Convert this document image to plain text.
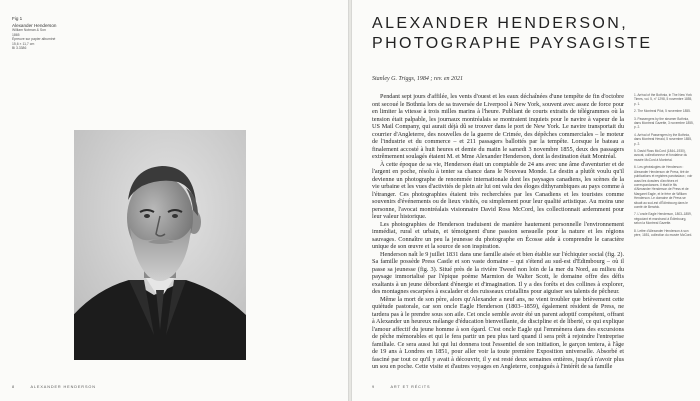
Fig 1
Alexander Henderson
William Notman & Son
1865
Épreuve sur papier albuminé
15,6 × 11,7 cm
Bi 3.3386
8	ALEXANDER HENDERSON
ALEXANDER HENDERSON,
PHOTOGRAPHE PAYSAGISTE
Stanley G. Triggs, 1984 ; rev. en 2021

Pendant sept jours d'affilée, les vents d'ouest et les eaux déchaînées d'une tempête de fin d'octobre ont secoué le Bothnia lors de sa traversée de Liverpool à New York, souvent avec assez de force pour en limiter la vitesse à trois milles marins à l'heure. Publiant de courts extraits de télégrammes où la tension était palpable, les journaux montréalais se montraient inquiets pour le navire à vapeur de la US Mail Company, qui aurait déjà dû se trouver dans le port de New York. Le navire transportait du courrier d'Angleterre, des nouvelles de la guerre de Crimée, des dépêches commerciales – le moteur de l'industrie et du commerce – et 211 passagers ballottés par la tempête. Lorsque le bateau a finalement accosté à huit heures et demie du matin le samedi 3 novembre 1855, deux des passagers extrêmement soulagés étaient M. et Mme Alexander Henderson, dont la destination était Montréal.

À cette époque de sa vie, Henderson était un comptable de 24 ans avec une âme d'aventurier et de l'argent en poche, résolu à tenter sa chance dans le Nouveau Monde. Le destin a plutôt voulu qu'il devienne un photographe de renommée internationale dont les paysages canadiens, les scènes de la vie urbaine et les vues d'activités de plein air lui ont valu des éloges dithyrambiques au pays comme à l'étranger. Ces photographies étaient très recherchées par les Canadiens et les touristes comme souvenirs d'événements ou de lieux visités, ou simplement pour leur qualité artistique. Au moins une personne, l'avocat montréalais visionnaire David Ross McCord, les collectionnait ardemment pour leur valeur historique.

Les photographies de Henderson traduisent de manière hautement personnelle l'environnement immédiat, rural et urbain, et témoignent d'une passion sensuelle pour la nature et les régions sauvages. Connaître un peu la jeunesse du photographe en Écosse aide à comprendre le caractère unique de son œuvre et la source de son inspiration.

Henderson naît le 9 juillet 1831 dans une famille aisée et bien établie sur l'échiquier social (fig. 2). Sa famille possède Press Castle et son vaste domaine – qui s'étend au sud-est d'Édimbourg – où il passe sa jeunesse (fig. 3). Situé près de la rivière Tweed non loin de la mer du Nord, au milieu du paysage immortalisé par l'épique poème Marmion de Walter Scott, le domaine offre des défis exaltants à un jeune débordant d'énergie et d'imagination. Il y a des forêts et des collines à explorer, des montagnes escarpées à escalader et des ruisseaux cristallins pour aiguiser ses talents de pêcheur.

Même la mort de son père, alors qu'Alexander a neuf ans, ne vient troubler que brièvement cette quiétude pastorale, car son oncle Eagle Henderson (1803–1859), également résident de Press, ne tardera pas à le prendre sous son aile. Cet oncle semble avoir été un parent adoptif compétent, offrant à Alexander un heureux mélange d'éducation bienveillante, de discipline et de liberté, ce qui explique l'amour affectif du jeune homme à son égard. C'est oncle Eagle qui l'emmènera dans des excursions de pêche mémorables et qui le fera partir un peu plus tard quand il sera prêt à rejoindre l'entreprise familiale. Ce sera aussi lui qui lui donnera tout l'essentiel de son initiation, le garçon tentera, à l'âge de 19 ans à Londres en 1851, pour aller voir la toute première Exposition universelle. Absorbé et fasciné par tout ce qu'il y avait à découvrir, il y est resté deux semaines entières, jusqu'à n'avoir plus un sou en poche. Cette visite et d'autres voyages en Angleterre, conjugués à l'intérêt de sa famille

1. Arrival of the Bothnia, in The New York Times, vol. 5, n° 1298, 5 novembre 1855, p. 1.
2. The Montreal Pilot, 5 novembre 1855.
3. Passengers by the steamer Bothnia, dans Montreal Gazette, 3 novembre 1855, p. 2.
4. Arrival of Passengers by the Bothnia, dans Montreal Herald, 5 novembre 1855, p. 2.
5. David Ross McCord (1844–1930), avocat, collectionneur et fondateur du musée McCord à Montréal.
6. Les généalogies de Henderson : Alexander Henderson de Press, tiré de publications et registres paroissiaux ; voir aussi les dossiers d'archives et correspondances. Il était le fils d'Alexander Henderson de Press et de Margaret Eagle, et le frère de William Henderson. Le domaine de Press se situait au sud-est d'Édimbourg dans le comté de Berwick.
7. L'oncle Eagle Henderson, 1803–1859, négociant et marchand à Édimbourg, selon la Montreal Gazette.
8. Lettre d'Alexander Henderson à son père, 1851, collection du musée McCord.
9	ART ET RÉCITS
